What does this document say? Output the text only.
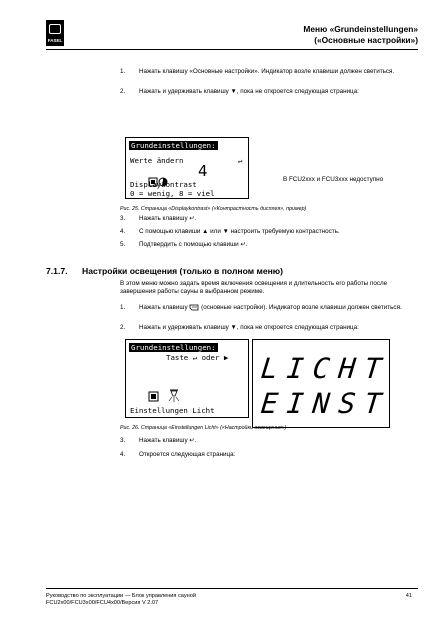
FASEL
Меню «Grundeinstellungen»
(«Основные настройки»)
1. Нажать клавишу «Основные настройки». Индикатор возле клавиши должен светиться.
2. Нажать и удерживать клавишу ▼, пока не откроется следующая страница:
Grundeinstellungen:
Werte ändern	↵

4
Displaykontrast
0 = wenig, 8 = viel
В FCU2xxx и FCU3xxx недоступно
Рис. 25. Страница «Displaykontrast» («Контрастность дисплея», пример)
3. Нажать клавишу ↵.
4. С помощью клавиши ▲ или ▼ настроить требуемую контрастность.
5. Подтвердить с помощью клавиши ↵.
7.1.7. Настройки освещения (только в полном меню)
В этом меню можно задать время включения освещения и длительность его работы после завершения работы сауны в выбранном режиме.
1. Нажать клавишу (основные настройки). Индикатор возле клавиши должен светиться.
2. Нажать и удерживать клавишу ▼, пока не откроется следующая страница:
Grundeinstellungen:
Taste ↵ oder ▶

Einstellungen Licht
LICHT
EINST
Рис. 26. Страница «Einstellungen Licht» («Настройки освещения»)
3. Нажать клавишу ↵.
4. Откроется следующая страница:
Руководство по эксплуатации — Блок управления сауной
FCU2x00/FCU3x00/FCU4x00/Версия V 2.07
41
